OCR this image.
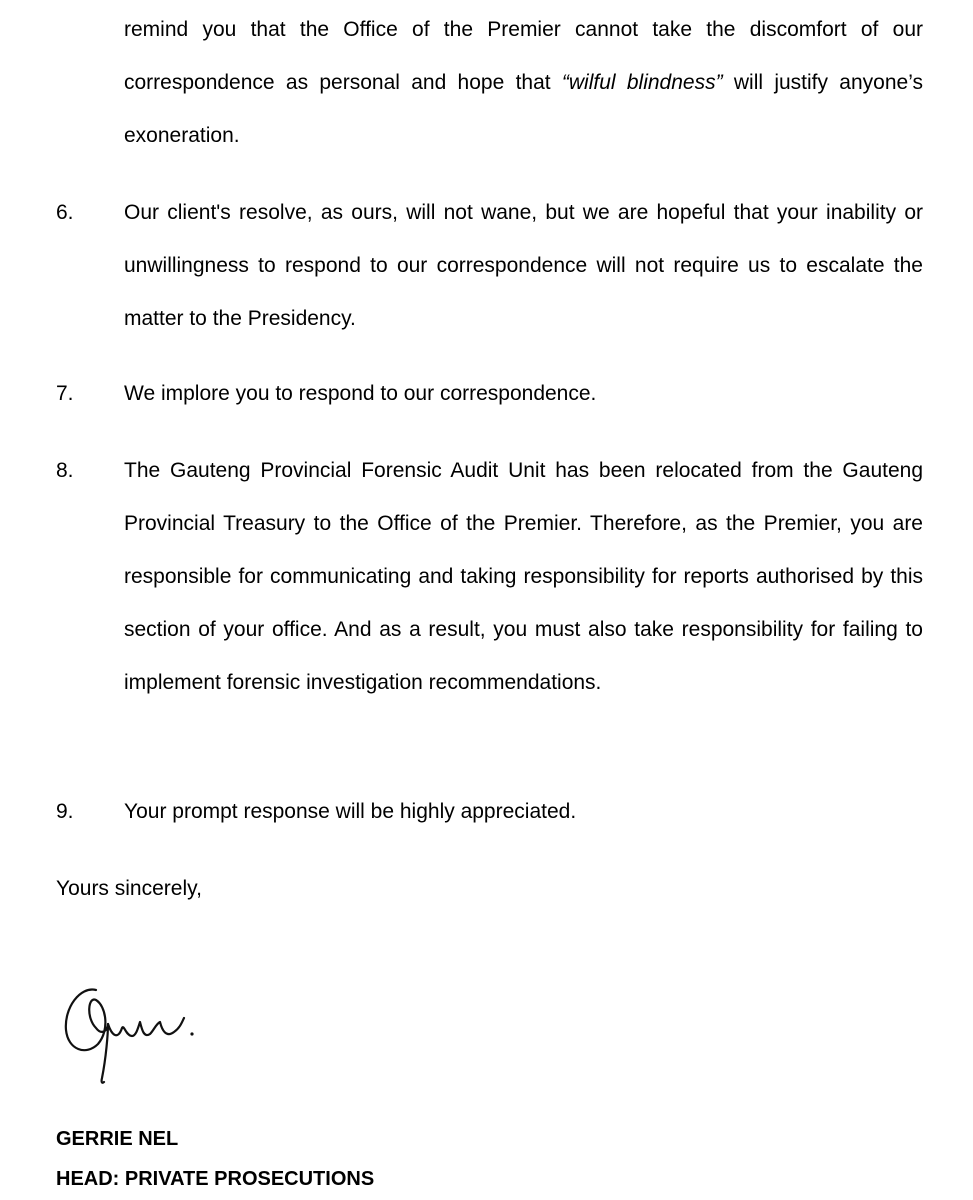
remind you that the Office of the Premier cannot take the discomfort of our correspondence as personal and hope that “wilful blindness” will justify anyone’s exoneration.
6. Our client's resolve, as ours, will not wane, but we are hopeful that your inability or unwillingness to respond to our correspondence will not require us to escalate the matter to the Presidency.
7. We implore you to respond to our correspondence.
8. The Gauteng Provincial Forensic Audit Unit has been relocated from the Gauteng Provincial Treasury to the Office of the Premier. Therefore, as the Premier, you are responsible for communicating and taking responsibility for reports authorised by this section of your office. And as a result, you must also take responsibility for failing to implement forensic investigation recommendations.
9. Your prompt response will be highly appreciated.
Yours sincerely,
GERRIE NEL
HEAD: PRIVATE PROSECUTIONS
